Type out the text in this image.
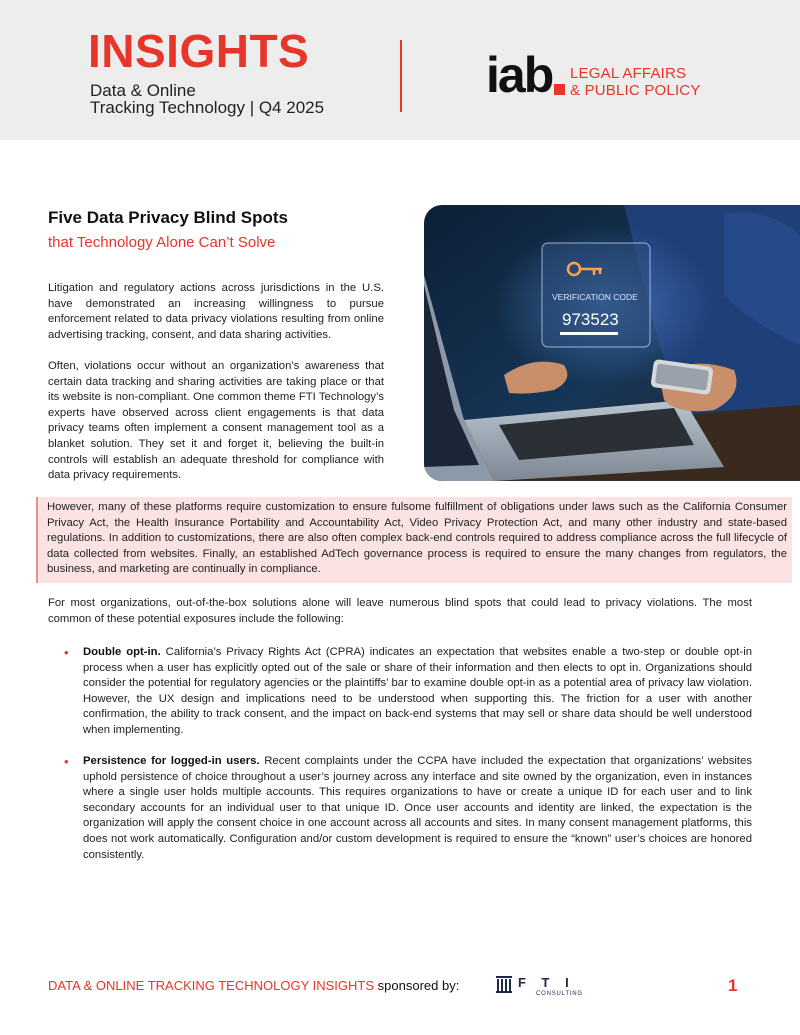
INSIGHTS
Data & Online
Tracking Technology | Q4 2025
iab LEGAL AFFAIRS
& PUBLIC POLICY
Five Data Privacy Blind Spots
that Technology Alone Can’t Solve

Litigation and regulatory actions across jurisdictions in the U.S. have demonstrated an increasing willingness to pursue enforcement related to data privacy violations resulting from online advertising tracking, consent, and data sharing activities.

Often, violations occur without an organization’s awareness that certain data tracking and sharing activities are taking place or that its website is non-compliant. One common theme FTI Technology’s experts have observed across client engagements is that data privacy teams often implement a consent management tool as a blanket solution. They set it and forget it, believing the built-in controls will establish an adequate threshold for compliance with data privacy requirements.

VERIFICATION CODE
973523

However, many of these platforms require customization to ensure fulsome fulfillment of obligations under laws such as the California Consumer Privacy Act, the Health Insurance Portability and Accountability Act, Video Privacy Protection Act, and many other industry and state-based regulations. In addition to customizations, there are also often complex back-end controls required to address compliance across the full lifecycle of data collected from websites. Finally, an established AdTech governance process is required to ensure the many changes from regulators, the business, and marketing are continually in compliance.

For most organizations, out-of-the-box solutions alone will leave numerous blind spots that could lead to privacy violations. The most common of these potential exposures include the following:

• Double opt-in. California’s Privacy Rights Act (CPRA) indicates an expectation that websites enable a two-step or double opt-in process when a user has explicitly opted out of the sale or share of their information and then elects to opt in. Organizations should consider the potential for regulatory agencies or the plaintiffs’ bar to examine double opt-in as a potential area of privacy law violation. However, the UX design and implications need to be understood when supporting this. The friction for a user with another confirmation, the ability to track consent, and the impact on back-end systems that may sell or share data should be well understood when implementing.

• Persistence for logged-in users. Recent complaints under the CCPA have included the expectation that organizations’ websites uphold persistence of choice throughout a user’s journey across any interface and site owned by the organization, even in instances where a single user holds multiple accounts. This requires organizations to have or create a unique ID for each user and to link secondary accounts for an individual user to that unique ID. Once user accounts and identity are linked, the expectation is the organization will apply the consent choice in one account across all accounts and sites. In many consent management platforms, this does not work automatically. Configuration and/or custom development is required to ensure the “known” user’s choices are honored consistently.

DATA & ONLINE TRACKING TECHNOLOGY INSIGHTS sponsored by:	F T I
CONSULTING	1
